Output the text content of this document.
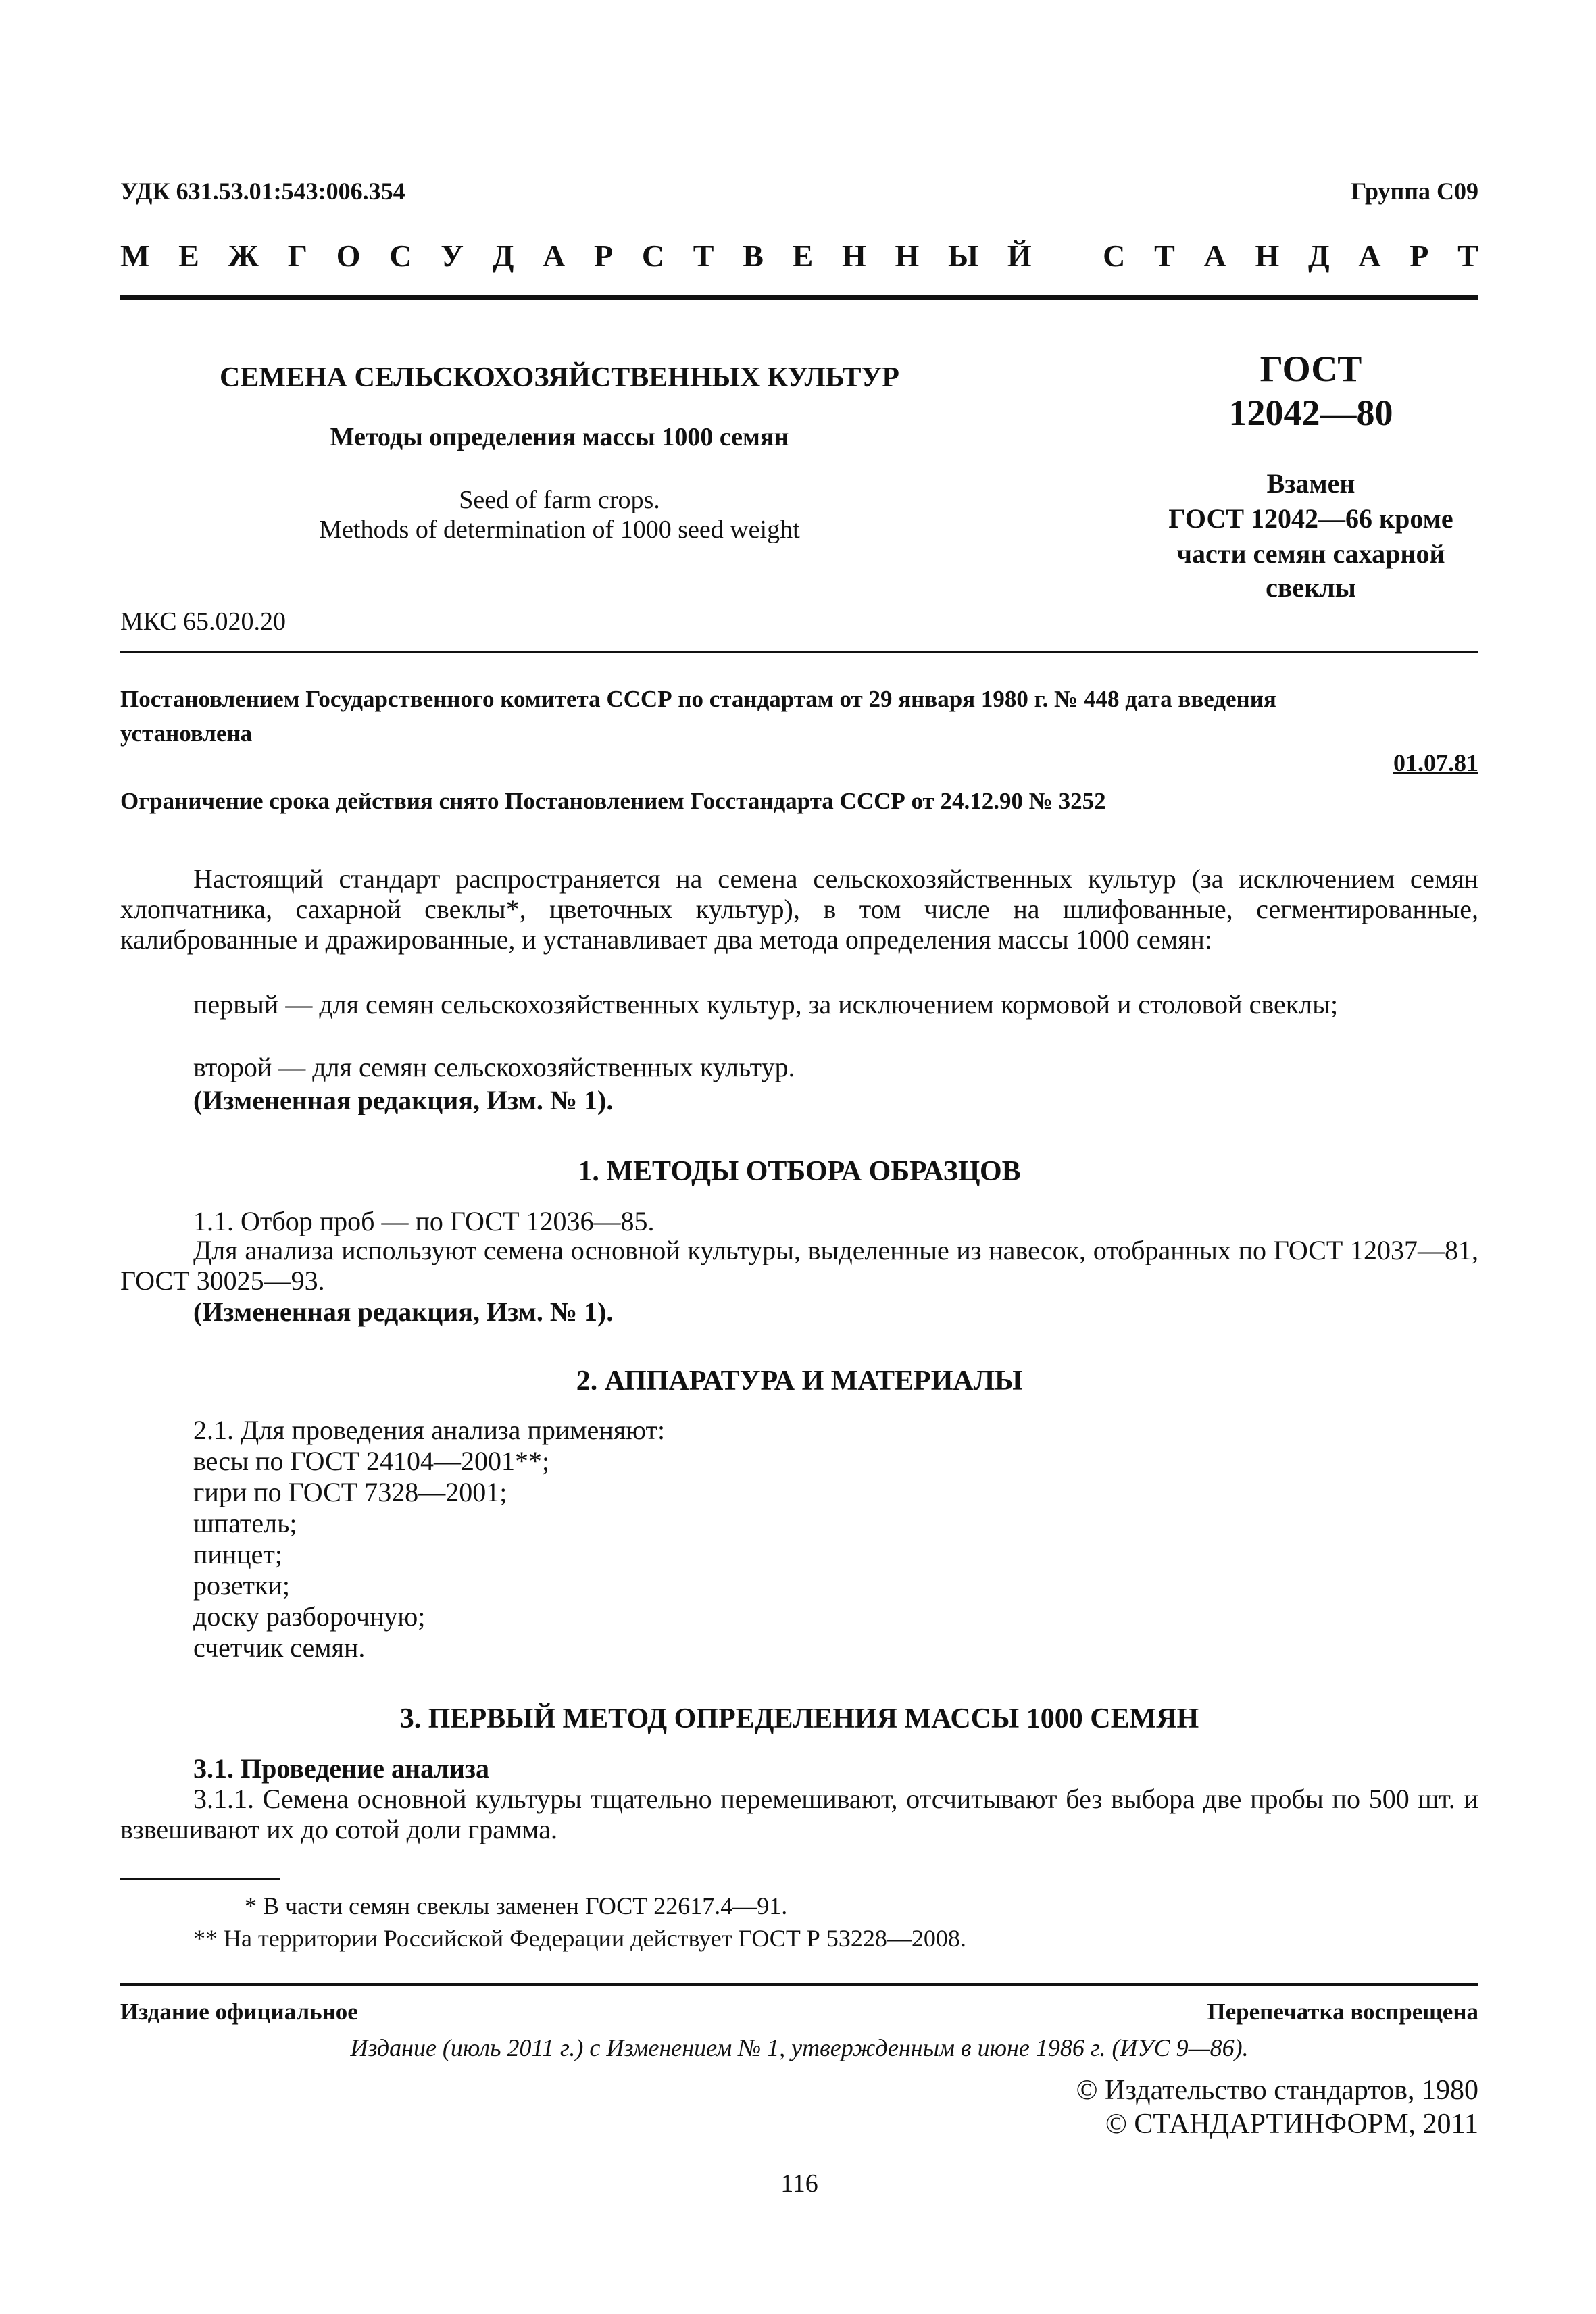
УДК 631.53.01:543:006.354	Группа С09
М Е Ж Г О С У Д А Р С Т В Е Н Н Ы Й С Т А Н Д А Р Т
СЕМЕНА СЕЛЬСКОХОЗЯЙСТВЕННЫХ КУЛЬТУР
Методы определения массы 1000 семян
Seed of farm crops.
Methods of determination of 1000 seed weight
ГОСТ
12042—80
Взамен
ГОСТ 12042—66 кроме
части семян сахарной
свеклы
МКС 65.020.20
Постановлением Государственного комитета СССР по стандартам от 29 января 1980 г. № 448 дата введения
установлена
01.07.81
Ограничение срока действия снято Постановлением Госстандарта СССР от 24.12.90 № 3252
Настоящий стандарт распространяется на семена сельскохозяйственных культур (за исключением семян хлопчатника, сахарной свеклы*, цветочных культур), в том числе на шлифованные, сегментированные, калиброванные и дражированные, и устанавливает два метода определения массы 1000 семян:
первый — для семян сельскохозяйственных культур, за исключением кормовой и столовой свеклы;
второй — для семян сельскохозяйственных культур.
(Измененная редакция, Изм. № 1).
1. МЕТОДЫ ОТБОРА ОБРАЗЦОВ
1.1. Отбор проб — по ГОСТ 12036—85.
Для анализа используют семена основной культуры, выделенные из навесок, отобранных по ГОСТ 12037—81, ГОСТ 30025—93.
(Измененная редакция, Изм. № 1).
2. АППАРАТУРА И МАТЕРИАЛЫ
2.1. Для проведения анализа применяют:
весы по ГОСТ 24104—2001**;
гири по ГОСТ 7328—2001;
шпатель;
пинцет;
розетки;
доску разборочную;
счетчик семян.
3. ПЕРВЫЙ МЕТОД ОПРЕДЕЛЕНИЯ МАССЫ 1000 СЕМЯН
3.1. Проведение анализа
3.1.1. Семена основной культуры тщательно перемешивают, отсчитывают без выбора две пробы по 500 шт. и взвешивают их до сотой доли грамма.
* В части семян свеклы заменен ГОСТ 22617.4—91.
** На территории Российской Федерации действует ГОСТ Р 53228—2008.
Издание официальное	Перепечатка воспрещена
Издание (июль 2011 г.) с Изменением № 1, утвержденным в июне 1986 г. (ИУС 9—86).
© Издательство стандартов, 1980
© СТАНДАРТИНФОРМ, 2011
116
